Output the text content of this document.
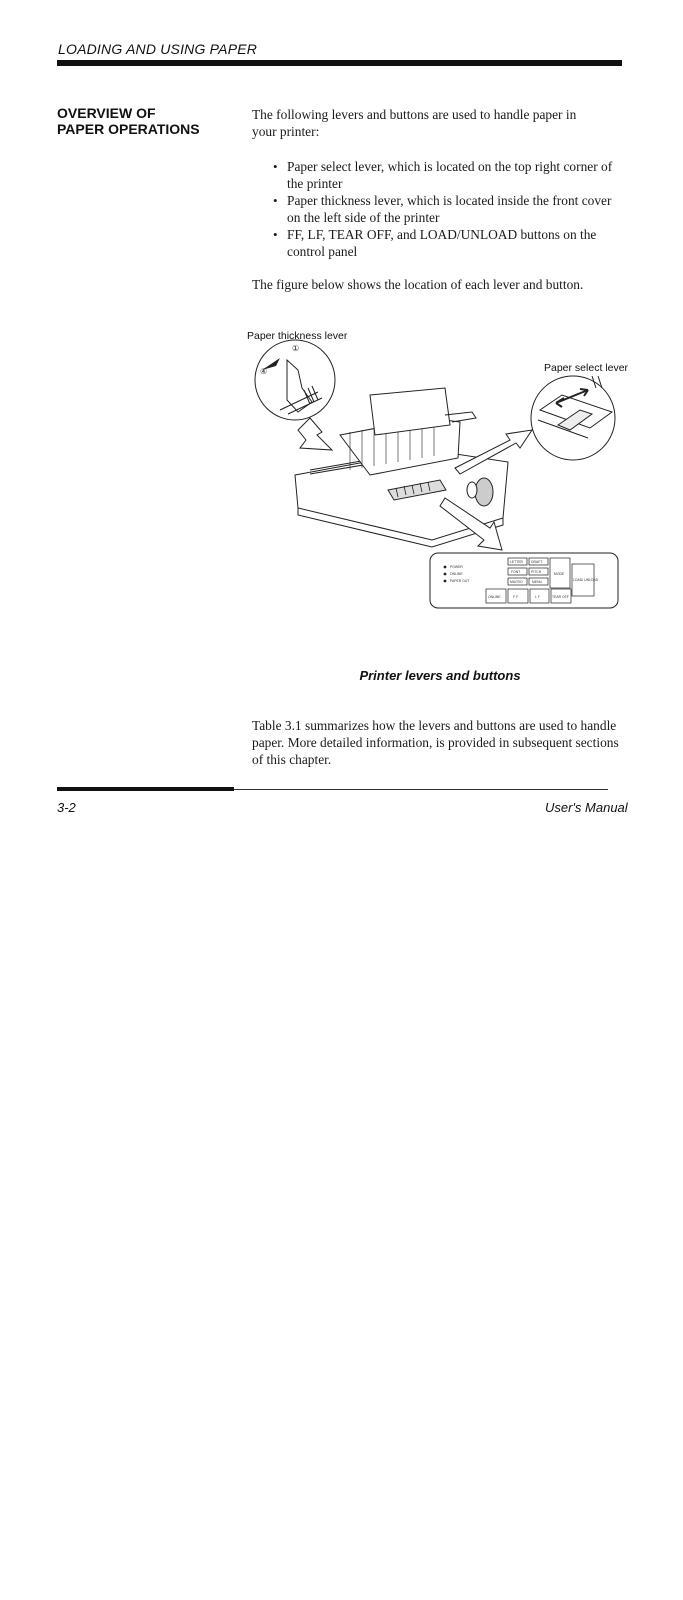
LOADING AND USING PAPER
OVERVIEW OF
PAPER OPERATIONS
The following levers and buttons are used to handle paper in your printer:
• Paper select lever, which is located on the top right corner of the printer
• Paper thickness lever, which is located inside the front cover on the left side of the printer
• FF, LF, TEAR OFF, and LOAD/UNLOAD buttons on the control panel
The figure below shows the location of each lever and button.
Paper thickness lever
Paper select lever
①
④
POWER
ONLINE
PAPER OUT
LETTER DRAFT
FONT	PITCH
MACRO	MENU
MODE
LOAD/ UNLOAD
ONLINE	F F	L F	TEAR OFF
Printer levers and buttons
Table 3.1 summarizes how the levers and buttons are used to handle paper. More detailed information, is provided in subsequent sections of this chapter.
3-2	User's Manual
